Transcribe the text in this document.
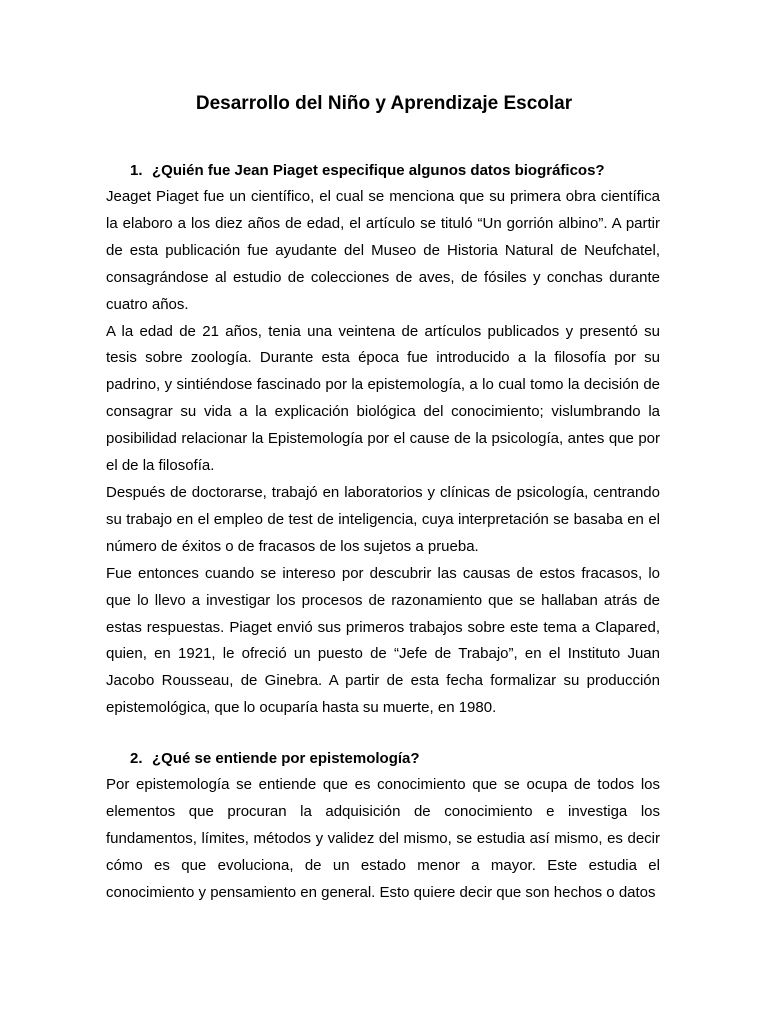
Desarrollo del Niño y Aprendizaje Escolar

1. ¿Quién fue Jean Piaget especifique algunos datos biográficos?

Jeaget Piaget fue un científico, el cual se menciona que su primera obra científica la elaboro a los diez años de edad, el artículo se tituló “Un gorrión albino”. A partir de esta publicación fue ayudante del Museo de Historia Natural de Neufchatel, consagrándose al estudio de colecciones de aves, de fósiles y conchas durante cuatro años.

A la edad de 21 años, tenia una veintena de artículos publicados y presentó su tesis sobre zoología. Durante esta época fue introducido a la filosofía por su padrino, y sintiéndose fascinado por la epistemología, a lo cual tomo la decisión de consagrar su vida a la explicación biológica del conocimiento; vislumbrando la posibilidad relacionar la Epistemología por el cause de la psicología, antes que por el de la filosofía.

Después de doctorarse, trabajó en laboratorios y clínicas de psicología, centrando su trabajo en el empleo de test de inteligencia, cuya interpretación se basaba en el número de éxitos o de fracasos de los sujetos a prueba.

Fue entonces cuando se intereso por descubrir las causas de estos fracasos, lo que lo llevo a investigar los procesos de razonamiento que se hallaban atrás de estas respuestas. Piaget envió sus primeros trabajos sobre este tema a Clapared, quien, en 1921, le ofreció un puesto de “Jefe de Trabajo”, en el Instituto Juan Jacobo Rousseau, de Ginebra. A partir de esta fecha formalizar su producción epistemológica, que lo ocuparía hasta su muerte, en 1980.

2. ¿Qué se entiende por epistemología?

Por epistemología se entiende que es conocimiento que se ocupa de todos los elementos que procuran la adquisición de conocimiento e investiga los fundamentos, límites, métodos y validez del mismo, se estudia así mismo, es decir cómo es que evoluciona, de un estado menor a mayor. Este estudia el conocimiento y pensamiento en general. Esto quiere decir que son hechos o datos
